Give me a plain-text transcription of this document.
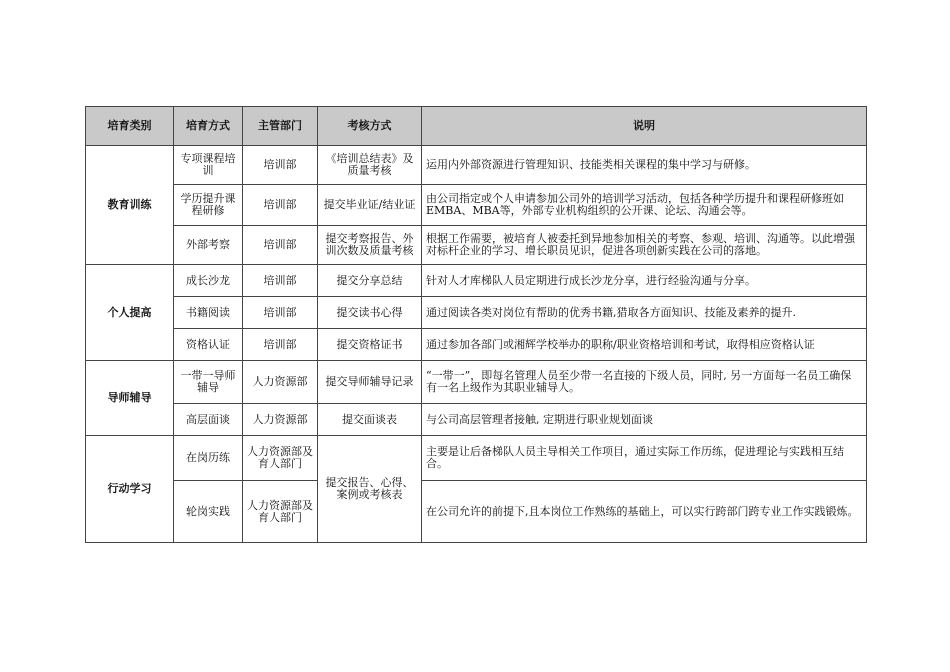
培育类别	培育方式	主管部门	考核方式	说明
教育训练	专项课程培训	培训部	《培训总结表》及质量考核	运用内外部资源进行管理知识、技能类相关课程的集中学习与研修。
	学历提升课程研修	培训部	提交毕业证/结业证	由公司指定或个人申请参加公司外的培训学习活动，包括各种学历提升和课程研修班如EMBA、MBA等，外部专业机构组织的公开课、论坛、沟通会等。
	外部考察	培训部	提交考察报告、外训次数及质量考核	根据工作需要，被培育人被委托到异地参加相关的考察、参观、培训、沟通等。以此增强对标杆企业的学习、增长职员见识，促进各项创新实践在公司的落地。
个人提高	成长沙龙	培训部	提交分享总结	针对人才库梯队人员定期进行成长沙龙分享，进行经验沟通与分享。
	书籍阅读	培训部	提交读书心得	通过阅读各类对岗位有帮助的优秀书籍,猎取各方面知识、技能及素养的提升.
	资格认证	培训部	提交资格证书	通过参加各部门或湘辉学校举办的职称/职业资格培训和考试，取得相应资格认证
导师辅导	一带一导师辅导	人力资源部	提交导师辅导记录	“一带一”，即每名管理人员至少带一名直接的下级人员，同时, 另一方面每一名员工确保有一名上级作为其职业辅导人。
	高层面谈	人力资源部	提交面谈表	与公司高层管理者接触, 定期进行职业规划面谈
行动学习	在岗历练	人力资源部及育人部门	提交报告、心得、案例或考核表	主要是让后备梯队人员主导相关工作项目，通过实际工作历练，促进理论与实践相互结合。
	轮岗实践	人力资源部及育人部门		在公司允许的前提下,且本岗位工作熟练的基础上，可以实行跨部门跨专业工作实践锻炼。
